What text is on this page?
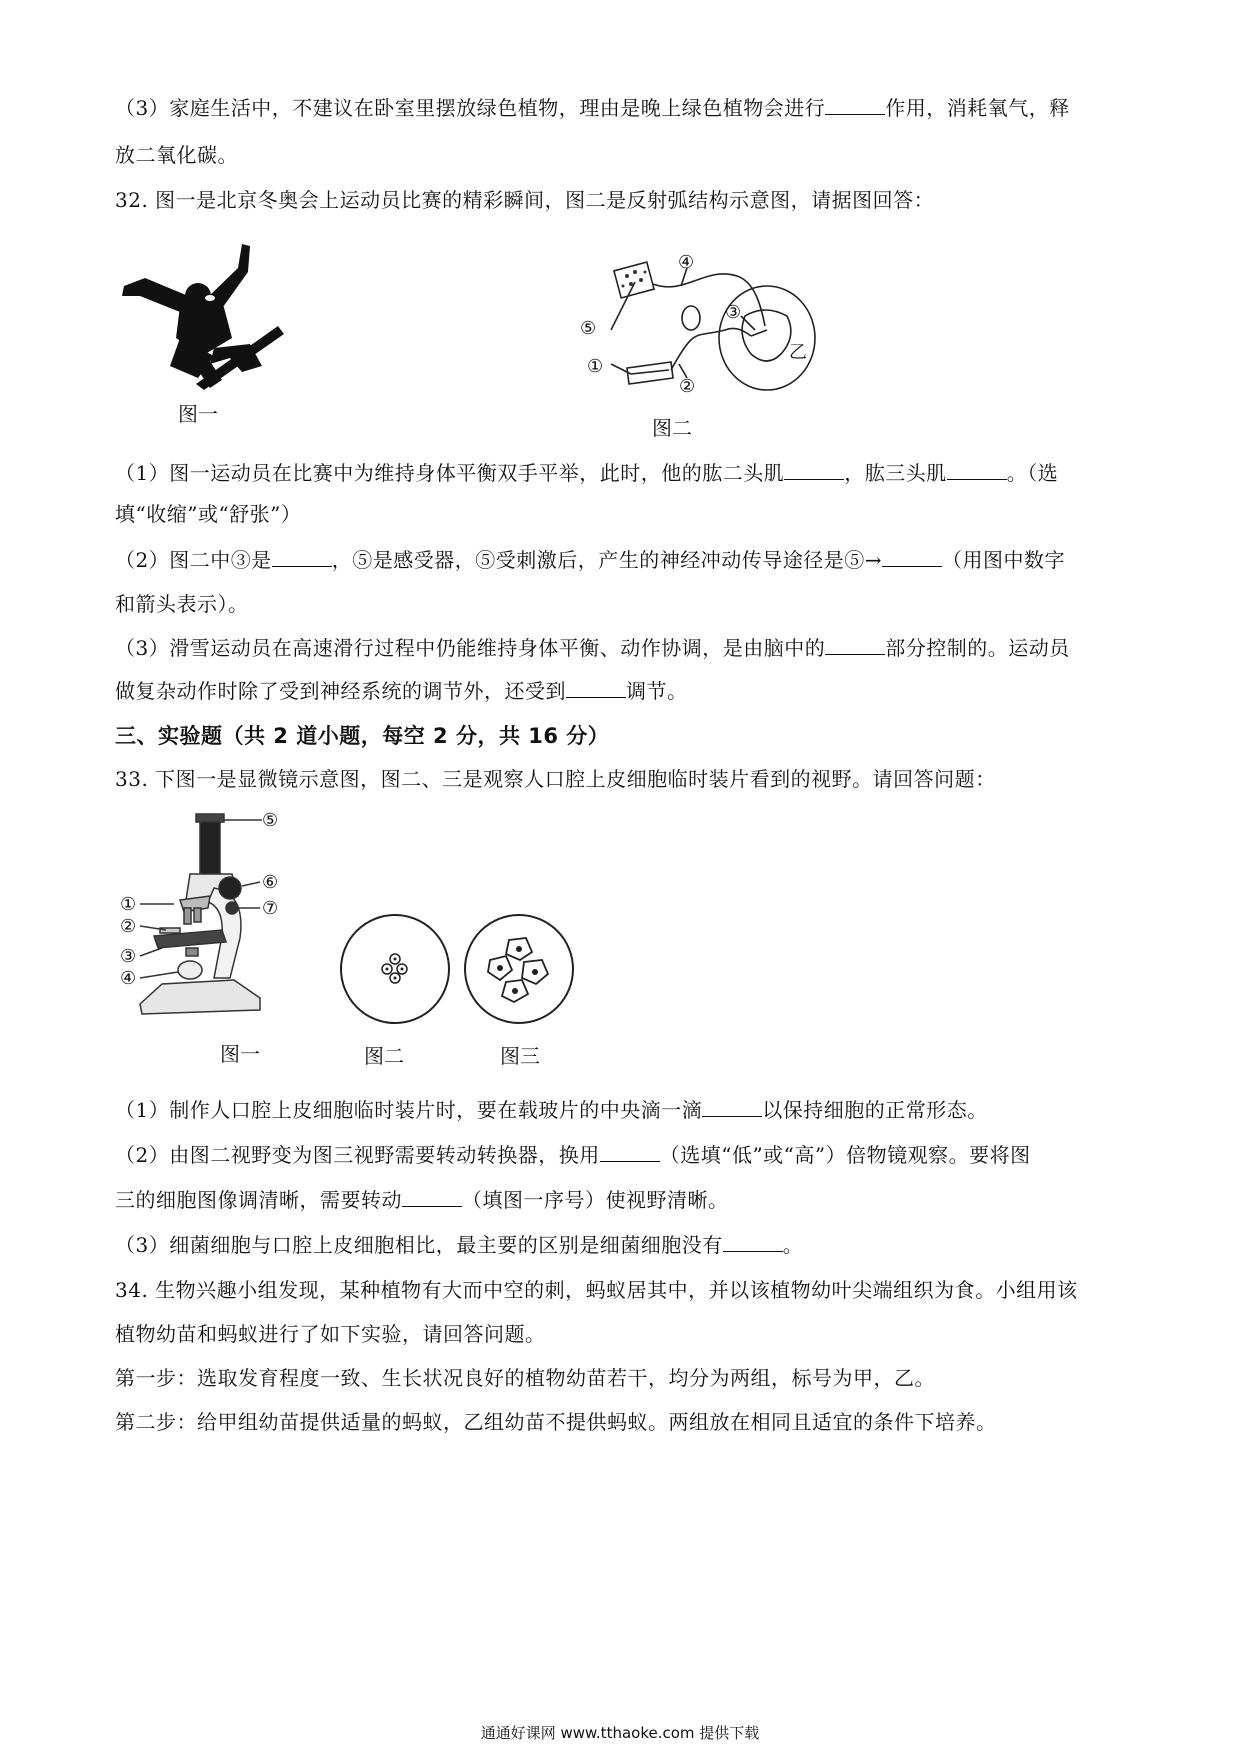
（3）家庭生活中，不建议在卧室里摆放绿色植物，理由是晚上绿色植物会进行	作用，消耗氧气，释
放二氧化碳。
32. 图一是北京冬奥会上运动员比赛的精彩瞬间，图二是反射弧结构示意图，请据图回答：
图一
④
⑤
①
②
③
乙
图二
（1）图一运动员在比赛中为维持身体平衡双手平举，此时，他的肱二头肌	，肱三头肌	。（选
填“收缩”或“舒张”）
（2）图二中③是	，⑤是感受器，⑤受刺激后，产生的神经冲动传导途径是⑤→	（用图中数字
和箭头表示）。
（3）滑雪运动员在高速滑行过程中仍能维持身体平衡、动作协调，是由脑中的	部分控制的。运动员
做复杂动作时除了受到神经系统的调节外，还受到	调节。
三、实验题（共 2 道小题，每空 2 分，共 16 分）
33. 下图一是显微镜示意图，图二、三是观察人口腔上皮细胞临时装片看到的视野。请回答问题：
⑤
⑥
⑦
①
②
③
④
图一	图二	图三
（1）制作人口腔上皮细胞临时装片时，要在载玻片的中央滴一滴	以保持细胞的正常形态。
（2）由图二视野变为图三视野需要转动转换器，换用	（选填“低”或“高”）倍物镜观察。要将图
三的细胞图像调清晰，需要转动	（填图一序号）使视野清晰。
（3）细菌细胞与口腔上皮细胞相比，最主要的区别是细菌细胞没有	。
34. 生物兴趣小组发现，某种植物有大而中空的刺，蚂蚁居其中，并以该植物幼叶尖端组织为食。小组用该
植物幼苗和蚂蚁进行了如下实验，请回答问题。
第一步：选取发育程度一致、生长状况良好的植物幼苗若干，均分为两组，标号为甲，乙。
第二步：给甲组幼苗提供适量的蚂蚁，乙组幼苗不提供蚂蚁。两组放在相同且适宜的条件下培养。
通通好课网 www.tthaoke.com 提供下载
